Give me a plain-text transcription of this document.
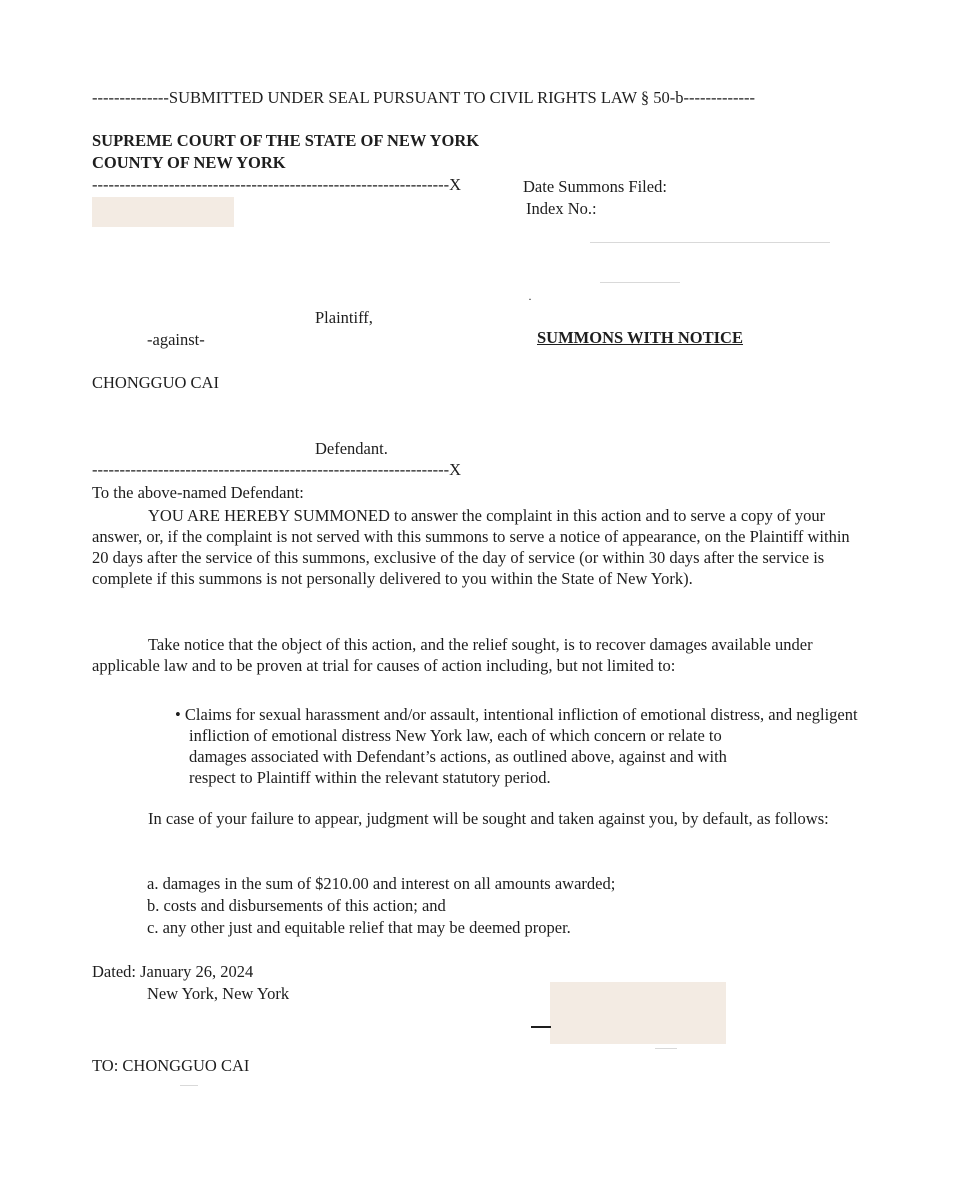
--------------SUBMITTED UNDER SEAL PURSUANT TO CIVIL RIGHTS LAW § 50-b-------------
SUPREME COURT OF THE STATE OF NEW YORK
COUNTY OF NEW YORK
-----------------------------------------------------------------X	Date Summons Filed:
Index No.:
·
Plaintiff,
-against-	SUMMONS WITH NOTICE
CHONGGUO CAI
Defendant.
-----------------------------------------------------------------X
To the above-named Defendant:
YOU ARE HEREBY SUMMONED to answer the complaint in this action and to serve a copy of your answer, or, if the complaint is not served with this summons to serve a notice of appearance, on the Plaintiff within 20 days after the service of this summons, exclusive of the day of service (or within 30 days after the service is complete if this summons is not personally delivered to you within the State of New York).
Take notice that the object of this action, and the relief sought, is to recover damages available under applicable law and to be proven at trial for causes of action including, but not limited to:
• Claims for sexual harassment and/or assault, intentional infliction of emotional distress, and negligent
infliction of emotional distress New York law, each of which concern or relate to
damages associated with Defendant’s actions, as outlined above, against and with
respect to Plaintiff within the relevant statutory period.
In case of your failure to appear, judgment will be sought and taken against you, by default, as follows:
a. damages in the sum of $210.00 and interest on all amounts awarded;
b. costs and disbursements of this action; and
c. any other just and equitable relief that may be deemed proper.
Dated: January 26, 2024
New York, New York
TO: CHONGGUO CAI
